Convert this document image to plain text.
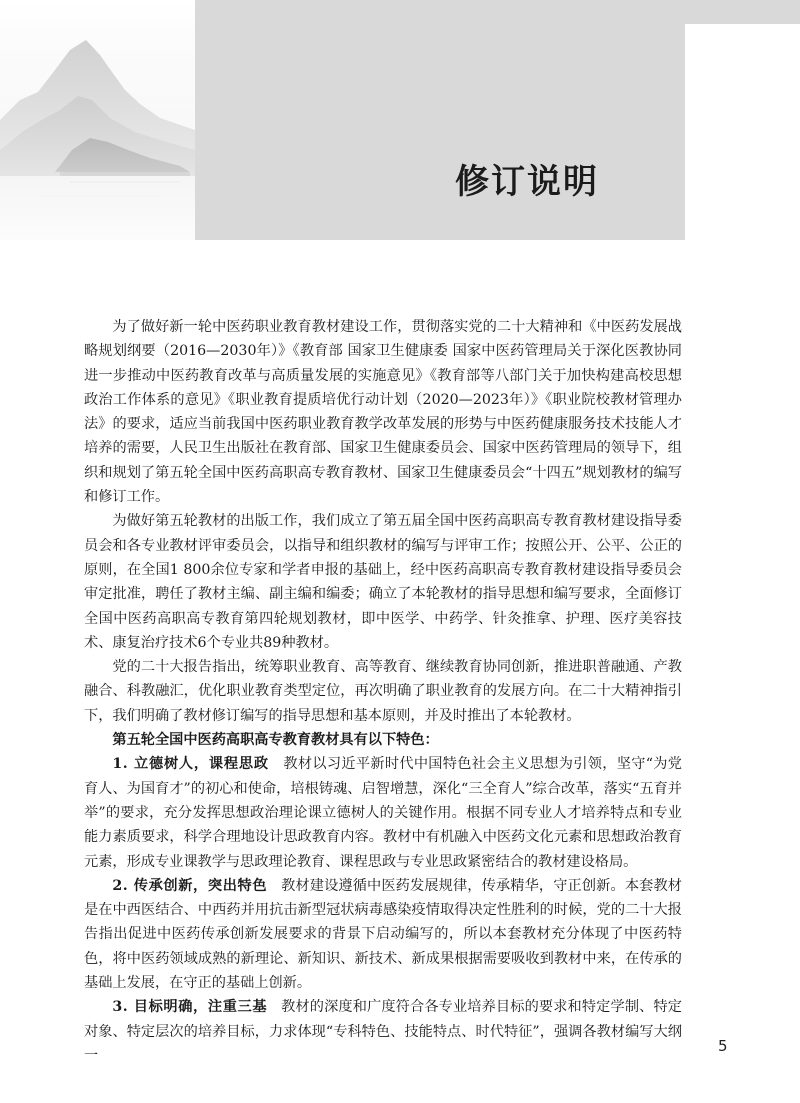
修订说明

为了做好新一轮中医药职业教育教材建设工作，贯彻落实党的二十大精神和《中医药发展战略规划纲要（2016—2030年）》《教育部 国家卫生健康委 国家中医药管理局关于深化医教协同进一步推动中医药教育改革与高质量发展的实施意见》《教育部等八部门关于加快构建高校思想政治工作体系的意见》《职业教育提质培优行动计划（2020—2023年）》《职业院校教材管理办法》的要求，适应当前我国中医药职业教育教学改革发展的形势与中医药健康服务技术技能人才培养的需要，人民卫生出版社在教育部、国家卫生健康委员会、国家中医药管理局的领导下，组织和规划了第五轮全国中医药高职高专教育教材、国家卫生健康委员会“十四五”规划教材的编写和修订工作。

为做好第五轮教材的出版工作，我们成立了第五届全国中医药高职高专教育教材建设指导委员会和各专业教材评审委员会，以指导和组织教材的编写与评审工作；按照公开、公平、公正的原则，在全国1 800余位专家和学者申报的基础上，经中医药高职高专教育教材建设指导委员会审定批准，聘任了教材主编、副主编和编委；确立了本轮教材的指导思想和编写要求，全面修订全国中医药高职高专教育第四轮规划教材，即中医学、中药学、针灸推拿、护理、医疗美容技术、康复治疗技术6个专业共89种教材。

党的二十大报告指出，统筹职业教育、高等教育、继续教育协同创新，推进职普融通、产教融合、科教融汇，优化职业教育类型定位，再次明确了职业教育的发展方向。在二十大精神指引下，我们明确了教材修订编写的指导思想和基本原则，并及时推出了本轮教材。

第五轮全国中医药高职高专教育教材具有以下特色：

1. 立德树人，课程思政 教材以习近平新时代中国特色社会主义思想为引领，坚守“为党育人、为国育才”的初心和使命，培根铸魂、启智增慧，深化“三全育人”综合改革，落实“五育并举”的要求，充分发挥思想政治理论课立德树人的关键作用。根据不同专业人才培养特点和专业能力素质要求，科学合理地设计思政教育内容。教材中有机融入中医药文化元素和思想政治教育元素，形成专业课教学与思政理论教育、课程思政与专业思政紧密结合的教材建设格局。

2. 传承创新，突出特色 教材建设遵循中医药发展规律，传承精华，守正创新。本套教材是在中西医结合、中西药并用抗击新型冠状病毒感染疫情取得决定性胜利的时候，党的二十大报告指出促进中医药传承创新发展要求的背景下启动编写的，所以本套教材充分体现了中医药特色，将中医药领域成熟的新理论、新知识、新技术、新成果根据需要吸收到教材中来，在传承的基础上发展，在守正的基础上创新。

3. 目标明确，注重三基 教材的深度和广度符合各专业培养目标的要求和特定学制、特定对象、特定层次的培养目标，力求体现“专科特色、技能特点、时代特征”，强调各教材编写大纲一

5
